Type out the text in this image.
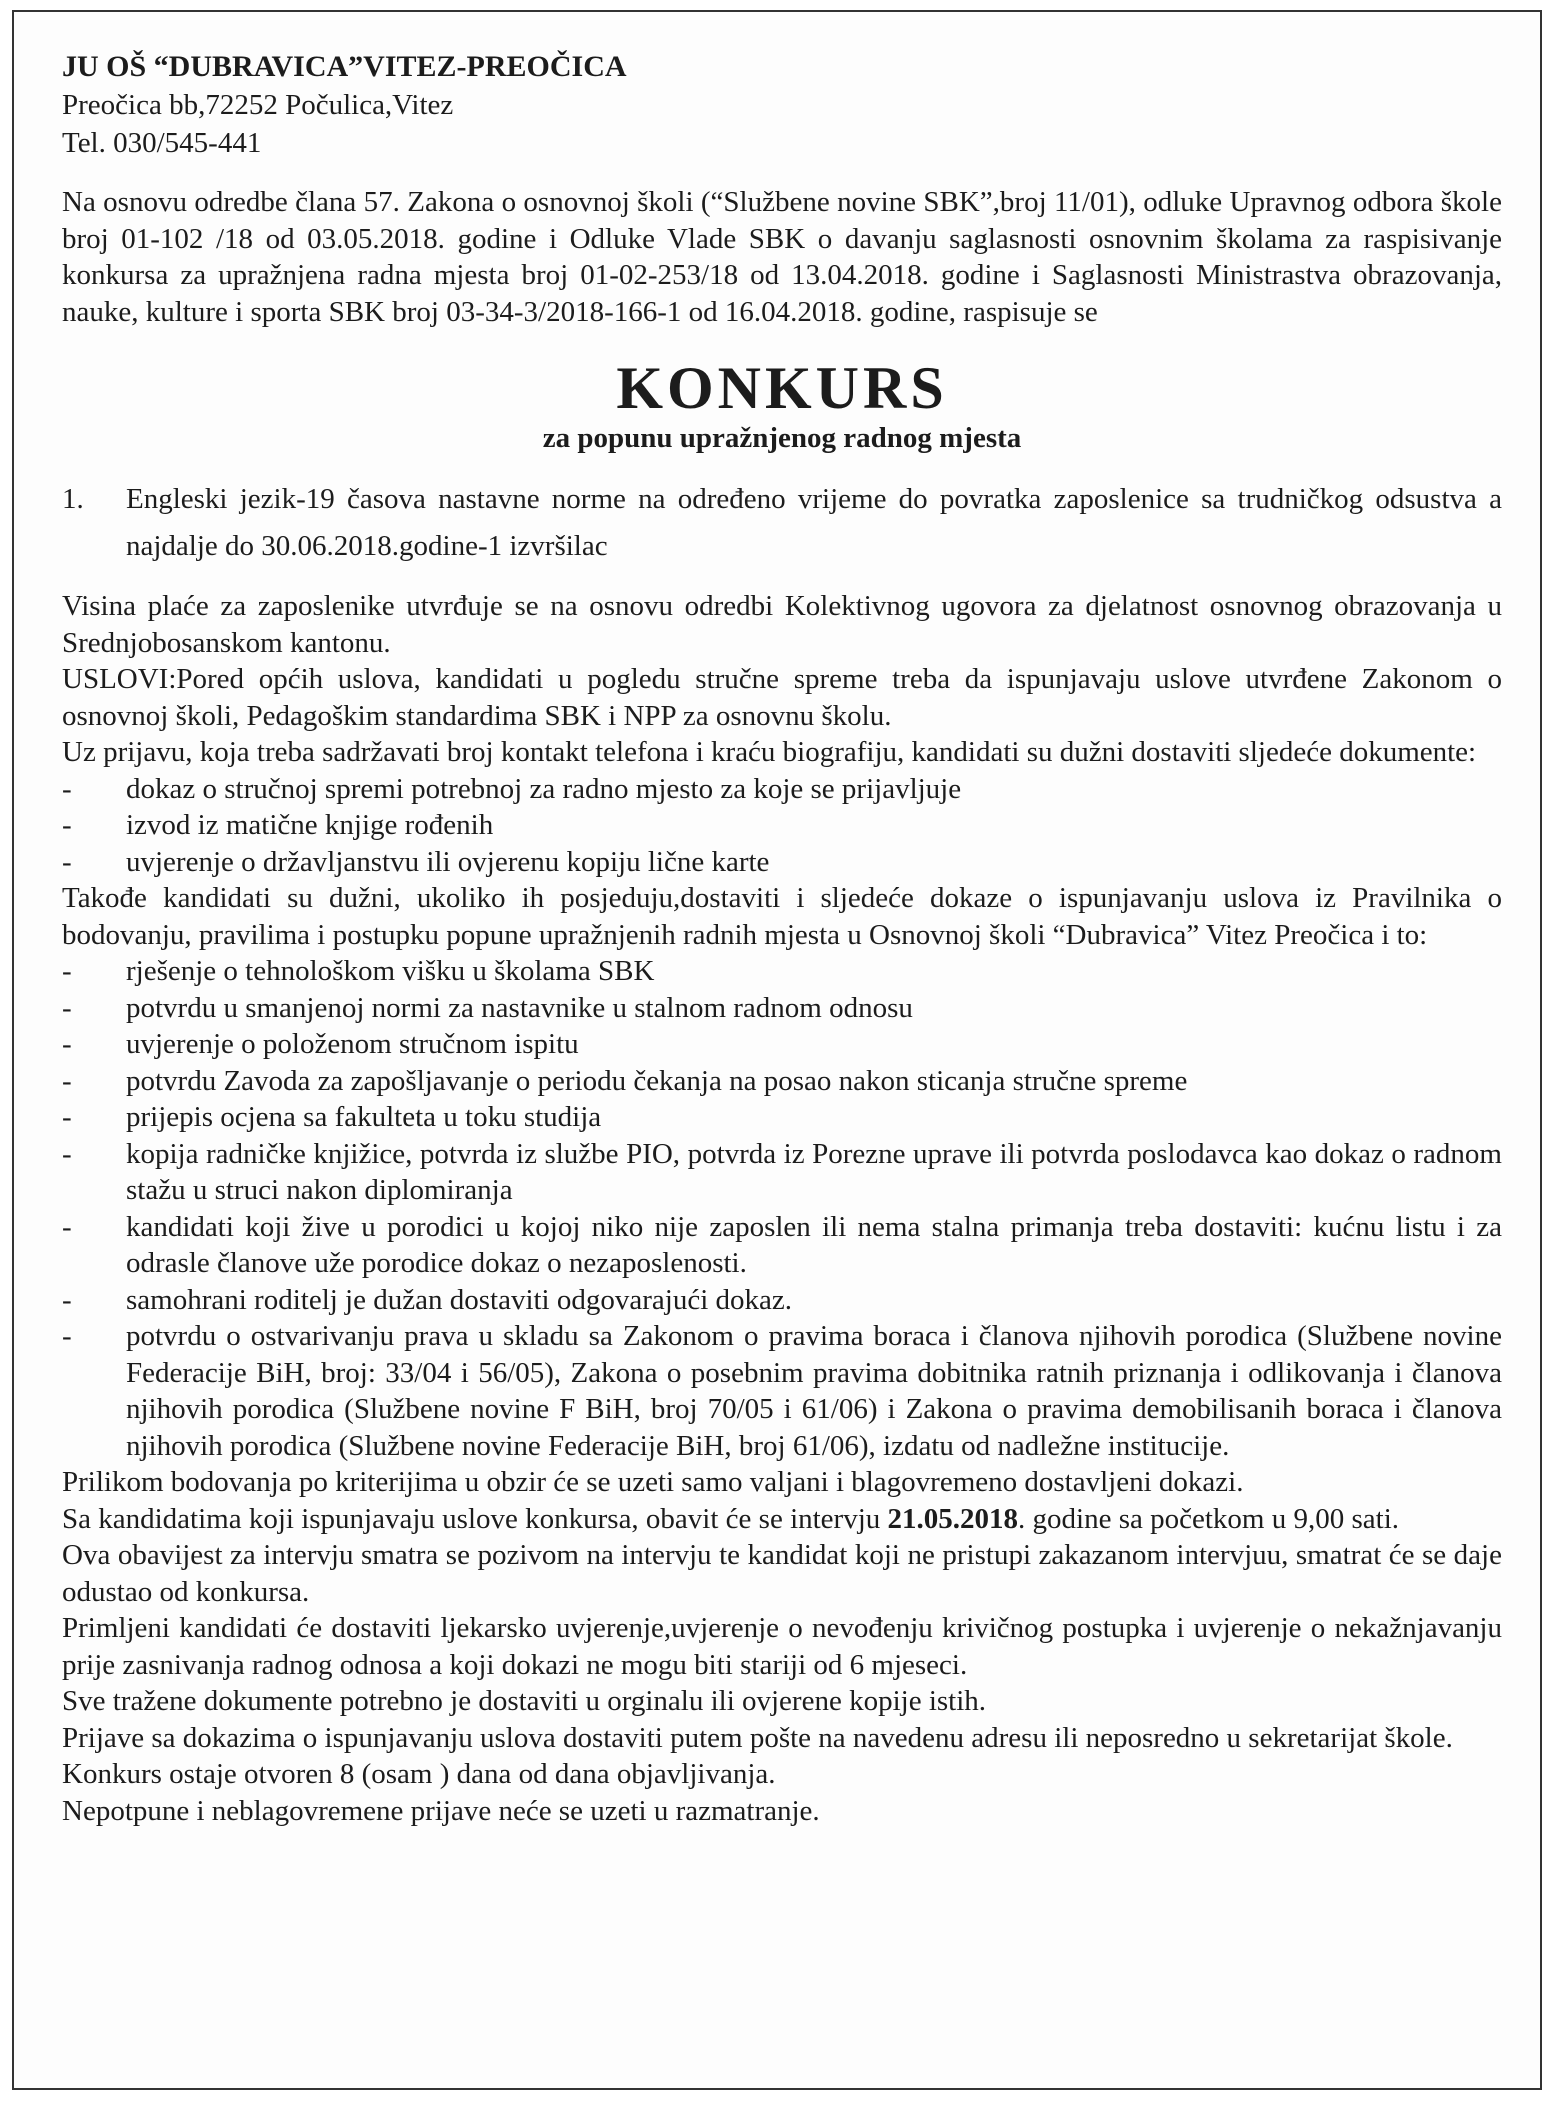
JU OŠ “DUBRAVICA”VITEZ-PREOČICA
Preočica bb,72252 Počulica,Vitez
Tel. 030/545-441

Na osnovu odredbe člana 57. Zakona o osnovnoj školi (“Službene novine SBK”,broj 11/01), odluke Upravnog odbora škole broj 01-102 /18 od 03.05.2018. godine i Odluke Vlade SBK o davanju saglasnosti osnovnim školama za raspisivanje konkursa za upražnjena radna mjesta broj 01-02-253/18 od 13.04.2018. godine i Saglasnosti Ministrastva obrazovanja, nauke, kulture i sporta SBK broj 03-34-3/2018-166-1 od 16.04.2018. godine, raspisuje se

KONKURS
za popunu upražnjenog radnog mjesta
1.	Engleski jezik-19 časova nastavne norme na određeno vrijeme do povratka zaposlenice sa trudničkog odsustva a najdalje do 30.06.2018.godine-1 izvršilac

Visina plaće za zaposlenike utvrđuje se na osnovu odredbi Kolektivnog ugovora za djelatnost osnovnog obrazovanja u Srednjobosanskom kantonu.

USLOVI:Pored općih uslova, kandidati u pogledu stručne spreme treba da ispunjavaju uslove utvrđene Zakonom o osnovnoj školi, Pedagoškim standardima SBK i NPP za osnovnu školu.

Uz prijavu, koja treba sadržavati broj kontakt telefona i kraću biografiju, kandidati su dužni dostaviti sljedeće dokumente:

-	dokaz o stručnoj spremi potrebnoj za radno mjesto za koje se prijavljuje
-	izvod iz matične knjige rođenih
-	uvjerenje o državljanstvu ili ovjerenu kopiju lične karte

Takođe kandidati su dužni, ukoliko ih posjeduju,dostaviti i sljedeće dokaze o ispunjavanju uslova iz Pravilnika o bodovanju, pravilima i postupku popune upražnjenih radnih mjesta u Osnovnoj školi “Dubravica” Vitez Preočica i to:

-	rješenje o tehnološkom višku u školama SBK
-	potvrdu u smanjenoj normi za nastavnike u stalnom radnom odnosu
-	uvjerenje o položenom stručnom ispitu
-	potvrdu Zavoda za zapošljavanje o periodu čekanja na posao nakon sticanja stručne spreme
-	prijepis ocjena sa fakulteta u toku studija
-	kopija radničke knjižice, potvrda iz službe PIO, potvrda iz Porezne uprave ili potvrda poslodavca kao dokaz o radnom stažu u struci nakon diplomiranja
-	kandidati koji žive u porodici u kojoj niko nije zaposlen ili nema stalna primanja treba dostaviti: kućnu listu i za odrasle članove uže porodice dokaz o nezaposlenosti.
-	samohrani roditelj je dužan dostaviti odgovarajući dokaz.
-	potvrdu o ostvarivanju prava u skladu sa Zakonom o pravima boraca i članova njihovih porodica (Službene novine Federacije BiH, broj: 33/04 i 56/05), Zakona o posebnim pravima dobitnika ratnih priznanja i odlikovanja i članova njihovih porodica (Službene novine F BiH, broj 70/05 i 61/06) i Zakona o pravima demobilisanih boraca i članova njihovih porodica (Službene novine Federacije BiH, broj 61/06), izdatu od nadležne institucije.

Prilikom bodovanja po kriterijima u obzir će se uzeti samo valjani i blagovremeno dostavljeni dokazi.

Sa kandidatima koji ispunjavaju uslove konkursa, obavit će se intervju 21.05.2018. godine sa početkom u 9,00 sati.

Ova obavijest za intervju smatra se pozivom na intervju te kandidat koji ne pristupi zakazanom intervjuu, smatrat će se daje odustao od konkursa.

Primljeni kandidati će dostaviti ljekarsko uvjerenje,uvjerenje o nevođenju krivičnog postupka i uvjerenje o nekažnjavanju prije zasnivanja radnog odnosa a koji dokazi ne mogu biti stariji od 6 mjeseci.

Sve tražene dokumente potrebno je dostaviti u orginalu ili ovjerene kopije istih.

Prijave sa dokazima o ispunjavanju uslova dostaviti putem pošte na navedenu adresu ili neposredno u sekretarijat škole.

Konkurs ostaje otvoren 8 (osam ) dana od dana objavljivanja.

Nepotpune i neblagovremene prijave neće se uzeti u razmatranje.
